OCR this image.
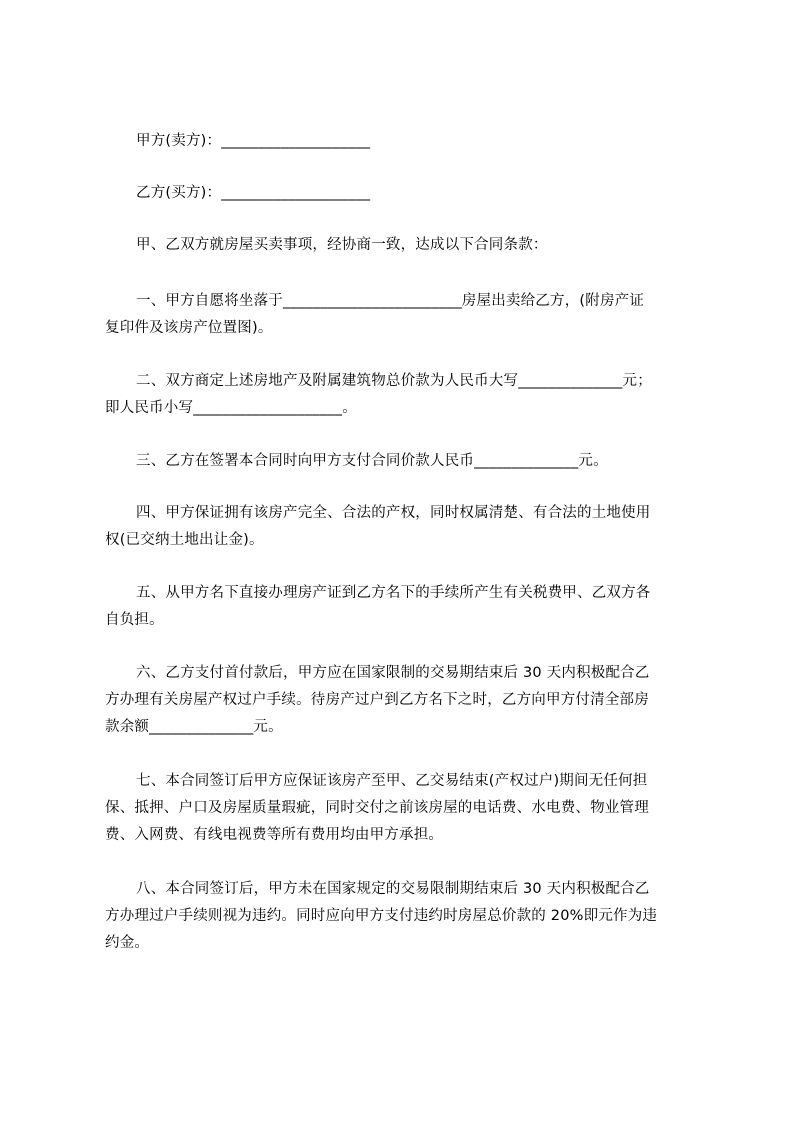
甲方(卖方)：____________________
乙方(买方)：____________________
甲、乙双方就房屋买卖事项，经协商一致，达成以下合同条款：
一、甲方自愿将坐落于________________________房屋出卖给乙方，(附房产证
复印件及该房产位置图)。
二、双方商定上述房地产及附属建筑物总价款为人民币大写______________元；
即人民币小写____________________。
三、乙方在签署本合同时向甲方支付合同价款人民币______________元。
四、甲方保证拥有该房产完全、合法的产权，同时权属清楚、有合法的土地使用
权(已交纳土地出让金)。
五、从甲方名下直接办理房产证到乙方名下的手续所产生有关税费甲、乙双方各
自负担。
六、乙方支付首付款后，甲方应在国家限制的交易期结束后 30 天内积极配合乙
方办理有关房屋产权过户手续。待房产过户到乙方名下之时，乙方向甲方付清全部房
款余额______________元。
七、本合同签订后甲方应保证该房产至甲、乙交易结束(产权过户)期间无任何担
保、抵押、户口及房屋质量瑕疵，同时交付之前该房屋的电话费、水电费、物业管理
费、入网费、有线电视费等所有费用均由甲方承担。
八、本合同签订后，甲方未在国家规定的交易限制期结束后 30 天内积极配合乙
方办理过户手续则视为违约。同时应向甲方支付违约时房屋总价款的 20%即元作为违
约金。
